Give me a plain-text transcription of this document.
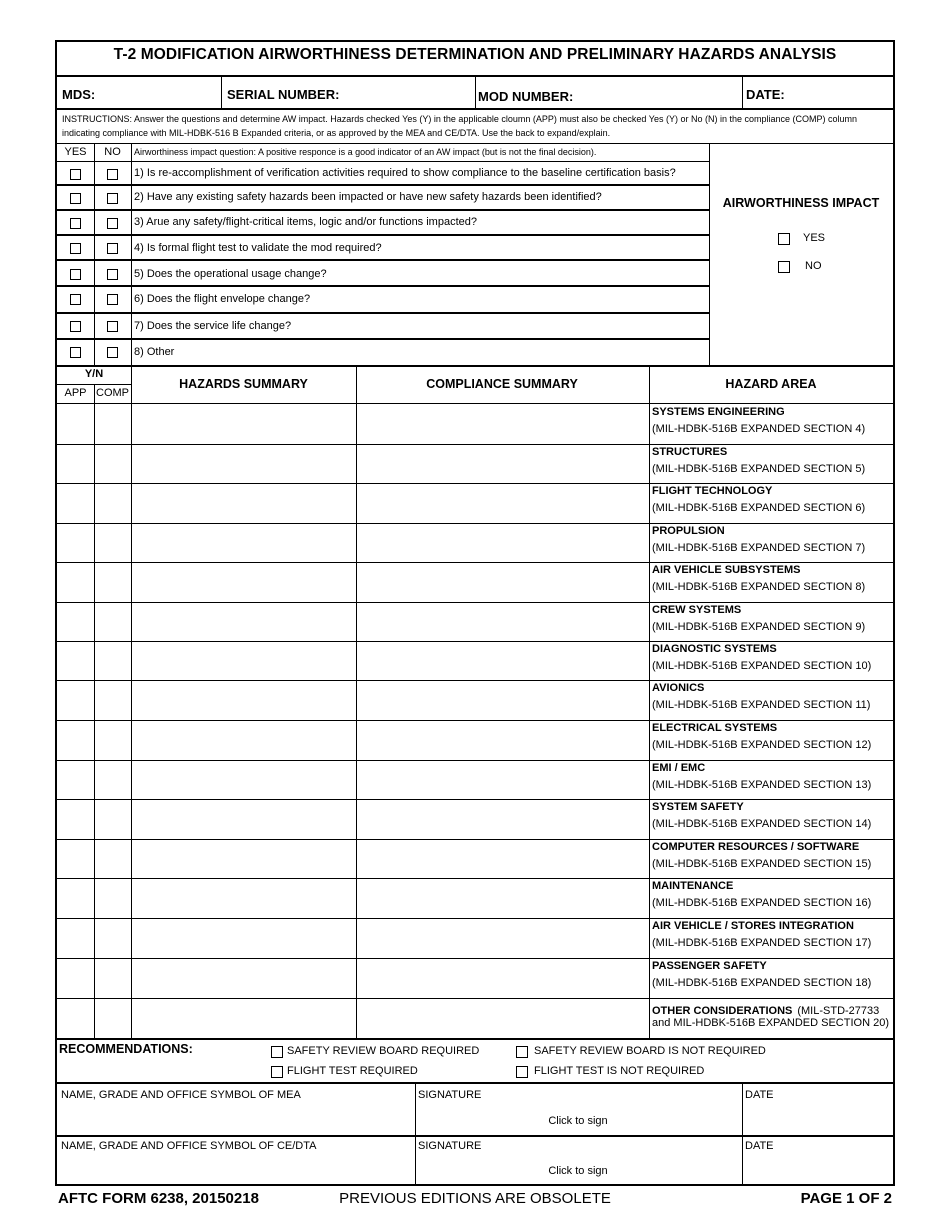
T-2 MODIFICATION AIRWORTHINESS DETERMINATION AND PRELIMINARY HAZARDS ANALYSIS
MDS:	SERIAL NUMBER:	MOD NUMBER:	DATE:
INSTRUCTIONS: Answer the questions and determine AW impact. Hazards checked Yes (Y) in the applicable cloumn (APP) must also be checked Yes (Y) or No (N) in the compliance (COMP) column indicating compliance with MIL-HDBK-516 B Expanded criteria, or as approved by the MEA and CE/DTA. Use the back to expand/explain.
YES	NO	Airworthiness impact question: A positive responce is a good indicator of an AW impact (but is not the final decision).
1) Is re-accomplishment of verification activities required to show compliance to the baseline certification basis?
2) Have any existing safety hazards been impacted or have new safety hazards been identified?
3) Arue any safety/flight-critical items, logic and/or functions impacted?
4) Is formal flight test to validate the mod required?
5) Does the operational usage change?
6) Does the flight envelope change?
7) Does the service life change?
8) Other
AIRWORTHINESS IMPACT
YES
NO
Y/N
APP COMP
HAZARDS SUMMARY	COMPLIANCE SUMMARY	HAZARD AREA
SYSTEMS ENGINEERING
(MIL-HDBK-516B EXPANDED SECTION 4)
STRUCTURES
(MIL-HDBK-516B EXPANDED SECTION 5)
FLIGHT TECHNOLOGY
(MIL-HDBK-516B EXPANDED SECTION 6)
PROPULSION
(MIL-HDBK-516B EXPANDED SECTION 7)
AIR VEHICLE SUBSYSTEMS
(MIL-HDBK-516B EXPANDED SECTION 8)
CREW SYSTEMS
(MIL-HDBK-516B EXPANDED SECTION 9)
DIAGNOSTIC SYSTEMS
(MIL-HDBK-516B EXPANDED SECTION 10)
AVIONICS
(MIL-HDBK-516B EXPANDED SECTION 11)
ELECTRICAL SYSTEMS
(MIL-HDBK-516B EXPANDED SECTION 12)
EMI / EMC
(MIL-HDBK-516B EXPANDED SECTION 13)
SYSTEM SAFETY
(MIL-HDBK-516B EXPANDED SECTION 14)
COMPUTER RESOURCES / SOFTWARE
(MIL-HDBK-516B EXPANDED SECTION 15)
MAINTENANCE
(MIL-HDBK-516B EXPANDED SECTION 16)
AIR VEHICLE / STORES INTEGRATION
(MIL-HDBK-516B EXPANDED SECTION 17)
PASSENGER SAFETY
(MIL-HDBK-516B EXPANDED SECTION 18)
OTHER CONSIDERATIONS (MIL-STD-27733
and MIL-HDBK-516B EXPANDED SECTION 20)
RECOMMENDATIONS:	SAFETY REVIEW BOARD REQUIRED	SAFETY REVIEW BOARD IS NOT REQUIRED
FLIGHT TEST REQUIRED	FLIGHT TEST IS NOT REQUIRED
NAME, GRADE AND OFFICE SYMBOL OF MEA	SIGNATURE
Click to sign
DATE
NAME, GRADE AND OFFICE SYMBOL OF CE/DTA	SIGNATURE
Click to sign
DATE
AFTC FORM 6238, 20150218	PREVIOUS EDITIONS ARE OBSOLETE	PAGE 1 OF 2
